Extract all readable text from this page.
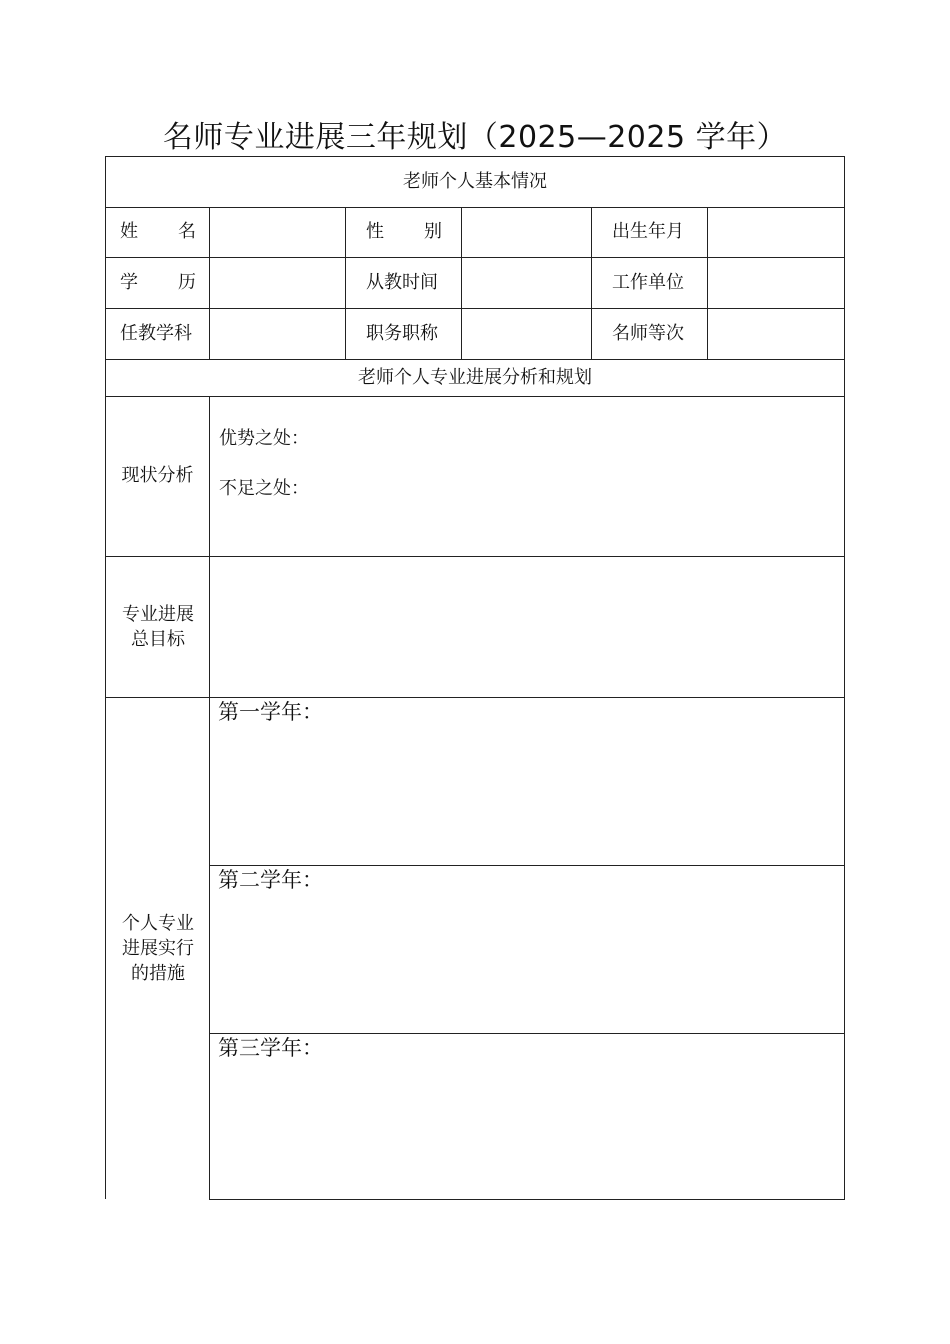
名师专业进展三年规划（2025—2025 学年）
老师个人基本情况
姓 名	性 别	出生年月
学 历	从教时间	工作单位
任教学科	职务职称	名师等次
老师个人专业进展分析和规划
现状分析
优势之处：
不足之处：
专业进展总目标
个人专业进展实行的措施
第一学年：
第二学年：
第三学年：
